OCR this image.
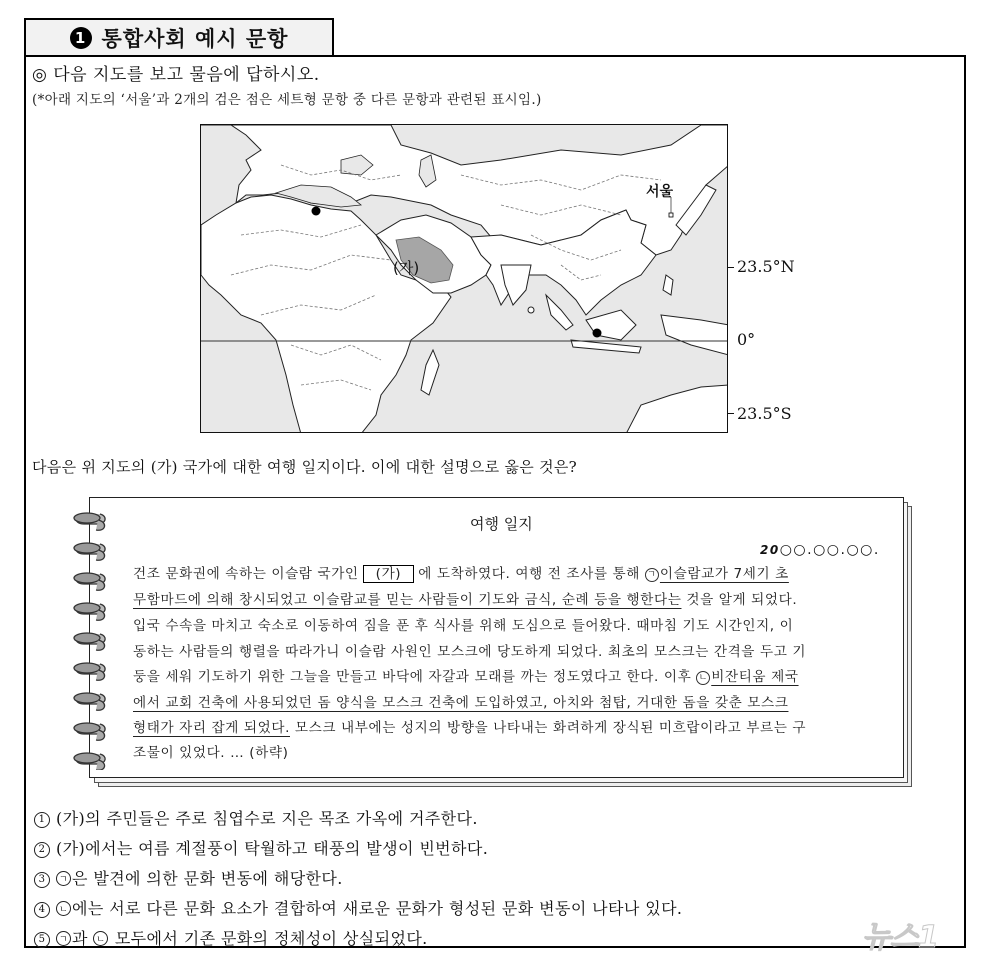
1 통합사회 예시 문항
◎ 다음 지도를 보고 물음에 답하시오.
(*아래 지도의 ‘서울’과 2개의 검은 점은 세트형 문항 중 다른 문항과 관련된 표시임.)
(가)
서울
23.5°N
0°
23.5°S
다음은 위 지도의 (가) 국가에 대한 여행 일지이다. 이에 대한 설명으로 옳은 것은?
여행 일지
20○○.○○.○○.
건조 문화권에 속하는 이슬람 국가인 (가) 에 도착하였다. 여행 전 조사를 통해 ㄱ 이슬람교가 7세기 초
무함마드에 의해 창시되었고 이슬람교를 믿는 사람들이 기도와 금식, 순례 등을 행한다는 것을 알게 되었다.
입국 수속을 마치고 숙소로 이동하여 짐을 푼 후 식사를 위해 도심으로 들어왔다. 때마침 기도 시간인지, 이
동하는 사람들의 행렬을 따라가니 이슬람 사원인 모스크에 당도하게 되었다. 최초의 모스크는 간격을 두고 기
둥을 세워 기도하기 위한 그늘을 만들고 바닥에 자갈과 모래를 까는 정도였다고 한다. 이후 ㄴ 비잔티움 제국
에서 교회 건축에 사용되었던 돔 양식을 모스크 건축에 도입하였고, 아치와 첨탑, 거대한 돔을 갖춘 모스크
형태가 자리 잡게 되었다. 모스크 내부에는 성지의 방향을 나타내는 화려하게 장식된 미흐랍이라고 부르는 구
조물이 있었다. … (하략)
1 (가)의 주민들은 주로 침엽수로 지은 목조 가옥에 거주한다.
2 (가)에서는 여름 계절풍이 탁월하고 태풍의 발생이 빈번하다.
3 ㄱ 은 발견에 의한 문화 변동에 해당한다.
4 ㄴ 에는 서로 다른 문화 요소가 결합하여 새로운 문화가 형성된 문화 변동이 나타나 있다.
5 ㄱ 과 ㄴ 모두에서 기존 문화의 정체성이 상실되었다.	뉴스1
